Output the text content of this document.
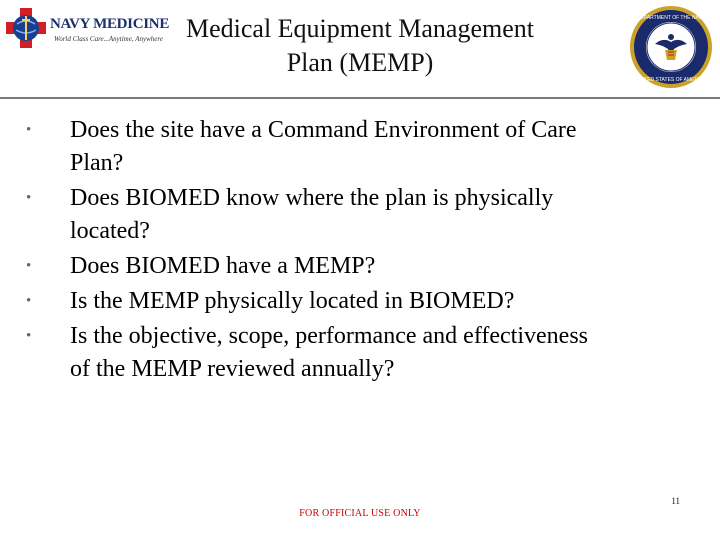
NAVY MEDICINE
World Class Care...Anytime, Anywhere Medical Equipment Management
Plan (MEMP)
DEPARTMENT OF THE NAVY
UNITED STATES OF AMERICA
• Does the site have a Command Environment of Care
Plan?
• Does BIOMED know where the plan is physically
located?
• Does BIOMED have a MEMP?
• Is the MEMP physically located in BIOMED?
• Is the objective, scope, performance and effectiveness
of the MEMP reviewed annually?
FOR OFFICIAL USE ONLY
11
